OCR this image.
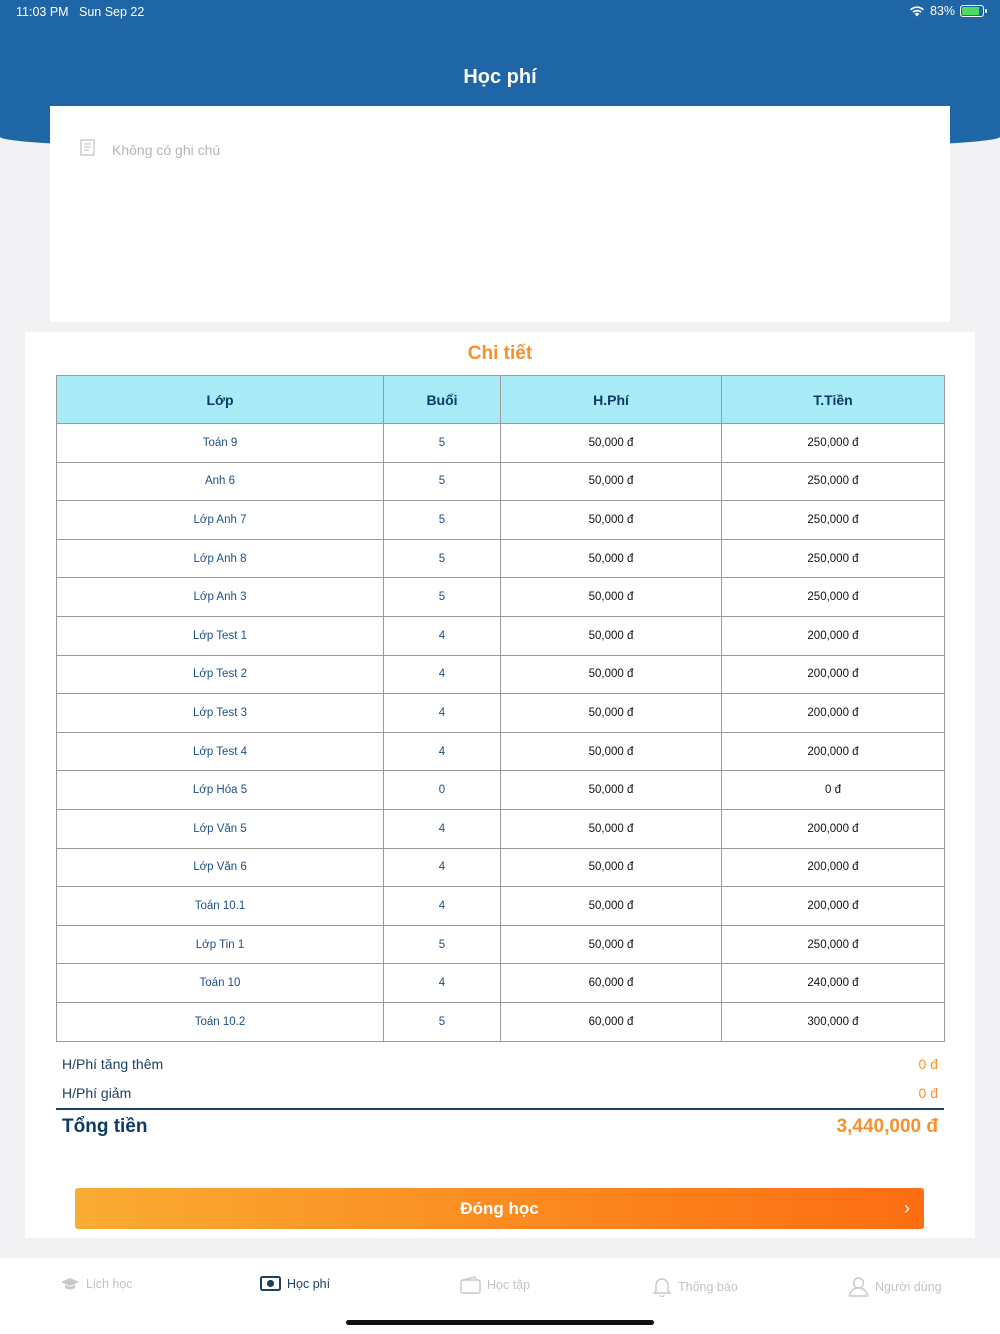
11:03 PM Sun Sep 22	83%
Học phí
Không có ghi chú
Chi tiết
Lớp	Buổi	H.Phí	T.Tiền
Toán 9	5	50,000 đ	250,000 đ
Anh 6	5	50,000 đ	250,000 đ
Lớp Anh 7	5	50,000 đ	250,000 đ
Lớp Anh 8	5	50,000 đ	250,000 đ
Lớp Anh 3	5	50,000 đ	250,000 đ
Lớp Test 1	4	50,000 đ	200,000 đ
Lớp Test 2	4	50,000 đ	200,000 đ
Lớp Test 3	4	50,000 đ	200,000 đ
Lớp Test 4	4	50,000 đ	200,000 đ
Lớp Hóa 5	0	50,000 đ	0 đ
Lớp Văn 5	4	50,000 đ	200,000 đ
Lớp Văn 6	4	50,000 đ	200,000 đ
Toán 10.1	4	50,000 đ	200,000 đ
Lớp Tin 1	5	50,000 đ	250,000 đ
Toán 10	4	60,000 đ	240,000 đ
Toán 10.2	5	60,000 đ	300,000 đ
H/Phí tăng thêm	0 đ
H/Phí giảm	0 đ
Tổng tiền	3,440,000 đ
Đóng học	›
Lịch học	Học phí	Học tập	Thông báo	Người dùng
